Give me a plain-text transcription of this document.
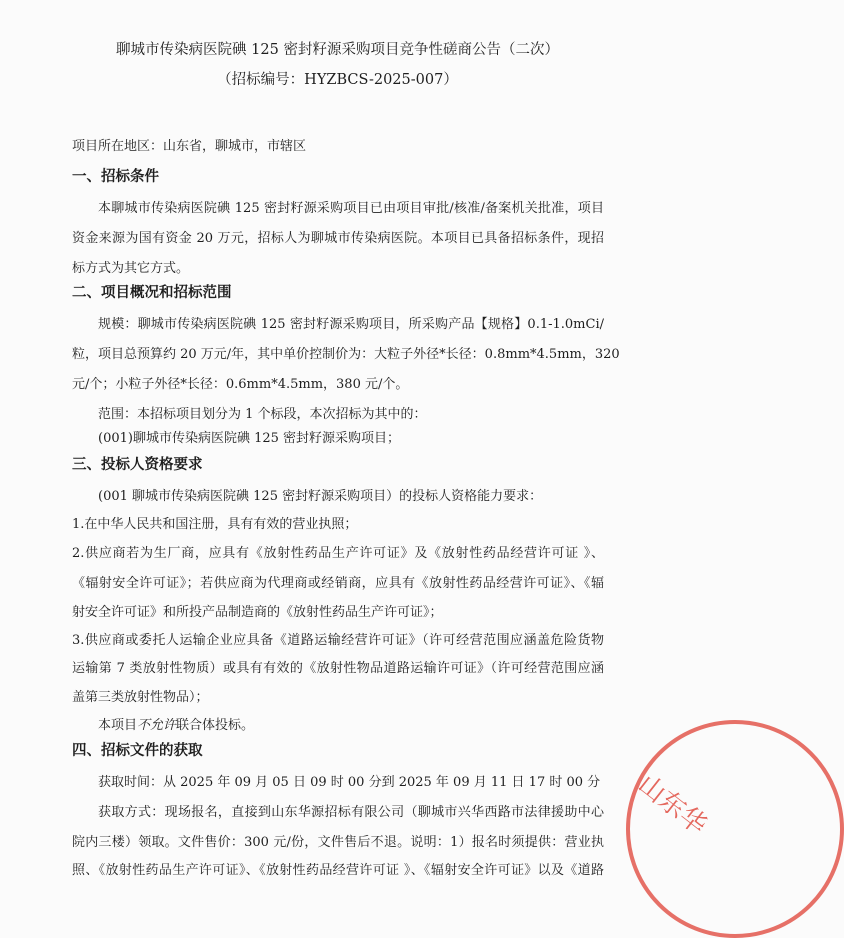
聊城市传染病医院碘 125 密封籽源采购项目竞争性磋商公告（二次）
（招标编号：HYZBCS-2025-007）
项目所在地区：山东省，聊城市，市辖区
一、招标条件
本聊城市传染病医院碘 125 密封籽源采购项目已由项目审批/核准/备案机关批准，项目
资金来源为国有资金 20 万元，招标人为聊城市传染病医院。本项目已具备招标条件，现招
标方式为其它方式。
二、项目概况和招标范围
规模：聊城市传染病医院碘 125 密封籽源采购项目，所采购产品【规格】0.1-1.0mCi/
粒，项目总预算约 20 万元/年，其中单价控制价为：大粒子外径*长径：0.8mm*4.5mm，320
元/个；小粒子外径*长径：0.6mm*4.5mm，380 元/个。
范围：本招标项目划分为 1 个标段，本次招标为其中的：
(001)聊城市传染病医院碘 125 密封籽源采购项目；
三、投标人资格要求
(001 聊城市传染病医院碘 125 密封籽源采购项目）的投标人资格能力要求：
1.在中华人民共和国注册，具有有效的营业执照；
2.供应商若为生厂商，应具有《放射性药品生产许可证》及《放射性药品经营许可证 》、
《辐射安全许可证》；若供应商为代理商或经销商，应具有《放射性药品经营许可证》、《辐
射安全许可证》和所投产品制造商的《放射性药品生产许可证》；
3.供应商或委托人运输企业应具备《道路运输经营许可证》（许可经营范围应涵盖危险货物
运输第 7 类放射性物质）或具有有效的《放射性物品道路运输许可证》（许可经营范围应涵
盖第三类放射性物品）；
本项目不允许联合体投标。
四、招标文件的获取
获取时间：从 2025 年 09 月 05 日 09 时 00 分到 2025 年 09 月 11 日 17 时 00 分
获取方式：现场报名，直接到山东华源招标有限公司（聊城市兴华西路市法律援助中心
院内三楼）领取。文件售价：300 元/份，文件售后不退。说明：1）报名时须提供：营业执
照、《放射性药品生产许可证》、《放射性药品经营许可证 》、《辐射安全许可证》以及《道路
山东华
